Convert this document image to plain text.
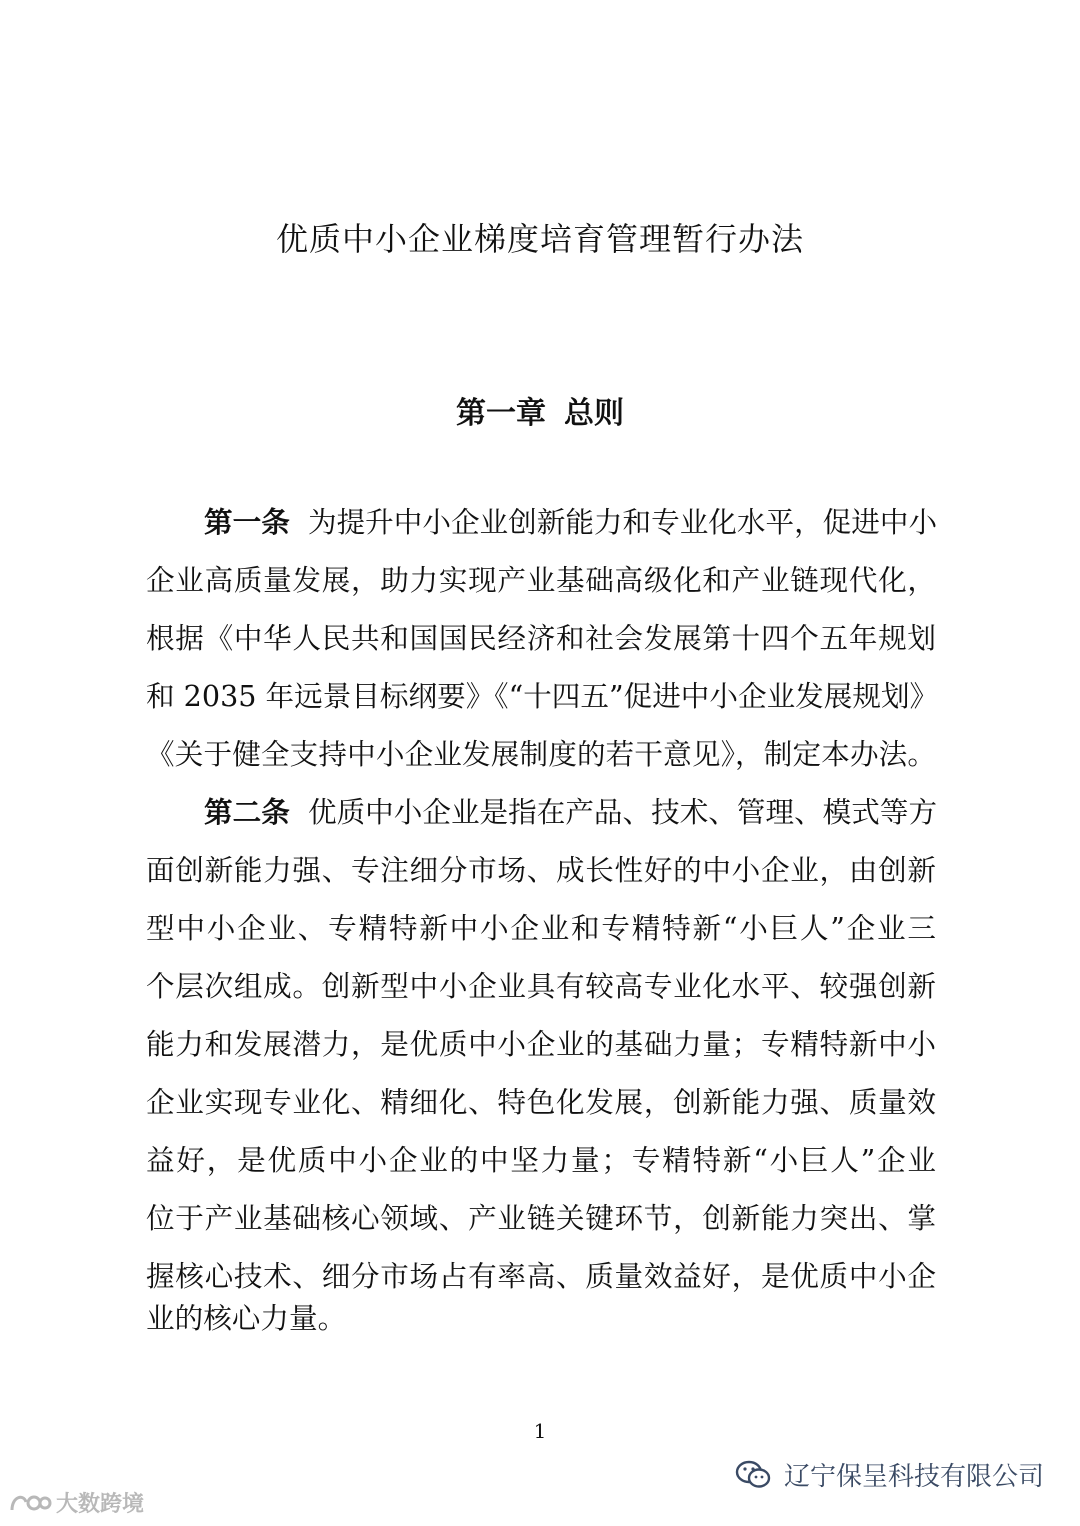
优质中小企业梯度培育管理暂行办法
第一章 总则
第一条 为提升中小企业创新能力和专业化水平，促进中小
企业高质量发展，助力实现产业基础高级化和产业链现代化，
根据《中华人民共和国国民经济和社会发展第十四个五年规划
和 2035 年远景目标纲要》《“十四五”促进中小企业发展规划》
《关于健全支持中小企业发展制度的若干意见》，制定本办法。
第二条 优质中小企业是指在产品、技术、管理、模式等方
面创新能力强、专注细分市场、成长性好的中小企业，由创新
型中小企业、专精特新中小企业和专精特新“小巨人”企业三
个层次组成。创新型中小企业具有较高专业化水平、较强创新
能力和发展潜力，是优质中小企业的基础力量；专精特新中小
企业实现专业化、精细化、特色化发展，创新能力强、质量效
益好，是优质中小企业的中坚力量；专精特新“小巨人”企业
位于产业基础核心领域、产业链关键环节，创新能力突出、掌
握核心技术、细分市场占有率高、质量效益好，是优质中小企
业的核心力量。
1
辽宁保呈科技有限公司
大数跨境
